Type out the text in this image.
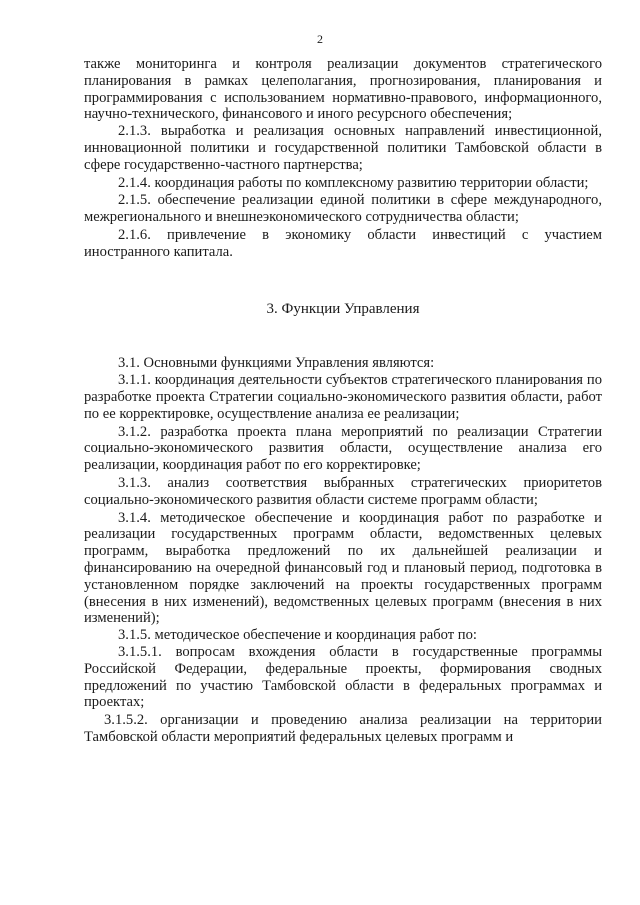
2

также мониторинга и контроля реализации документов стратегического планирования в рамках целеполагания, прогнозирования, планирования и программирования с использованием нормативно-правового, информационного, научно-технического, финансового и иного ресурсного обеспечения;

2.1.3. выработка и реализация основных направлений инвестиционной, инновационной политики и государственной политики Тамбовской области в сфере государственно-частного партнерства;

2.1.4. координация работы по комплексному развитию территории области;

2.1.5. обеспечение реализации единой политики в сфере международного, межрегионального и внешнеэкономического сотрудничества области;

2.1.6. привлечение в экономику области инвестиций с участием иностранного капитала.

3. Функции Управления

3.1. Основными функциями Управления являются:

3.1.1. координация деятельности субъектов стратегического планирования по разработке проекта Стратегии социально-экономического развития области, работ по ее корректировке, осуществление анализа ее реализации;

3.1.2. разработка проекта плана мероприятий по реализации Стратегии социально-экономического развития области, осуществление анализа его реализации, координация работ по его корректировке;

3.1.3. анализ соответствия выбранных стратегических приоритетов социально-экономического развития области системе программ области;

3.1.4. методическое обеспечение и координация работ по разработке и реализации государственных программ области, ведомственных целевых программ, выработка предложений по их дальнейшей реализации и финансированию на очередной финансовый год и плановый период, подготовка в установленном порядке заключений на проекты государственных программ (внесения в них изменений), ведомственных целевых программ (внесения в них изменений);

3.1.5. методическое обеспечение и координация работ по:

3.1.5.1. вопросам вхождения области в государственные программы Российской Федерации, федеральные проекты, формирования сводных предложений по участию Тамбовской области в федеральных программах и проектах;

3.1.5.2. организации и проведению анализа реализации на территории Тамбовской области мероприятий федеральных целевых программ и
